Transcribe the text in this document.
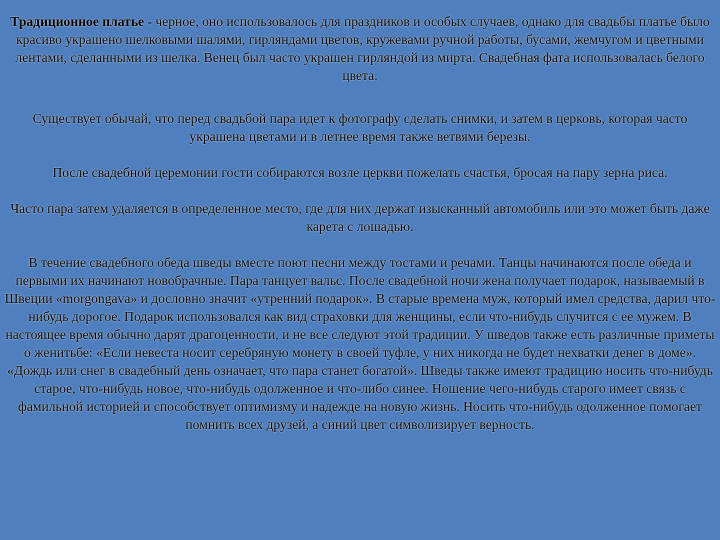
Традиционное платье - черное, оно использовалось для праздников и особых случаев, однако для свадьбы платье было красиво украшено шелковыми шалями, гирляндами цветов, кружевами ручной работы, бусами, жемчугом и цветными лентами, сделанными из шелка. Венец был часто украшен гирляндой из мирта. Свадебная фата использовалась белого цвета.

Существует обычай, что перед свадьбой пара идет к фотографу сделать снимки, и затем в церковь, которая часто украшена цветами и в летнее время также ветвями березы.

После свадебной церемонии гости собираются возле церкви пожелать счастья, бросая на пару зерна риса.

Часто пара затем удаляется в определенное место, где для них держат изысканный автомобиль или это может быть даже карета с лошадью.

В течение свадебного обеда шведы вместе поют песни между тостами и речами. Танцы начинаются после обеда и первыми их начинают новобрачные. Пара танцует вальс. После свадебной ночи жена получает подарок, называемый в Швеции «morgongava» и дословно значит «утренний подарок». В старые времена муж, который имел средства, дарил что-нибудь дорогое. Подарок использовался как вид страховки для женщины, если что-нибудь случится с ее мужем. В настоящее время обычно дарят драгоценности, и не все следуют этой традиции. У шведов также есть различные приметы о женитьбе: «Если невеста носит серебряную монету в своей туфле, у них никогда не будет нехватки денег в доме». «Дождь или снег в свадебный день означает, что пара станет богатой». Шведы также имеют традицию носить что-нибудь старое, что-нибудь новое, что-нибудь одолженное и что-либо синее. Ношение чего-нибудь старого имеет связь с фамильной историей и способствует оптимизму и надежде на новую жизнь. Носить что-нибудь одолженное помогает помнить всех друзей, а синий цвет символизирует верность.
